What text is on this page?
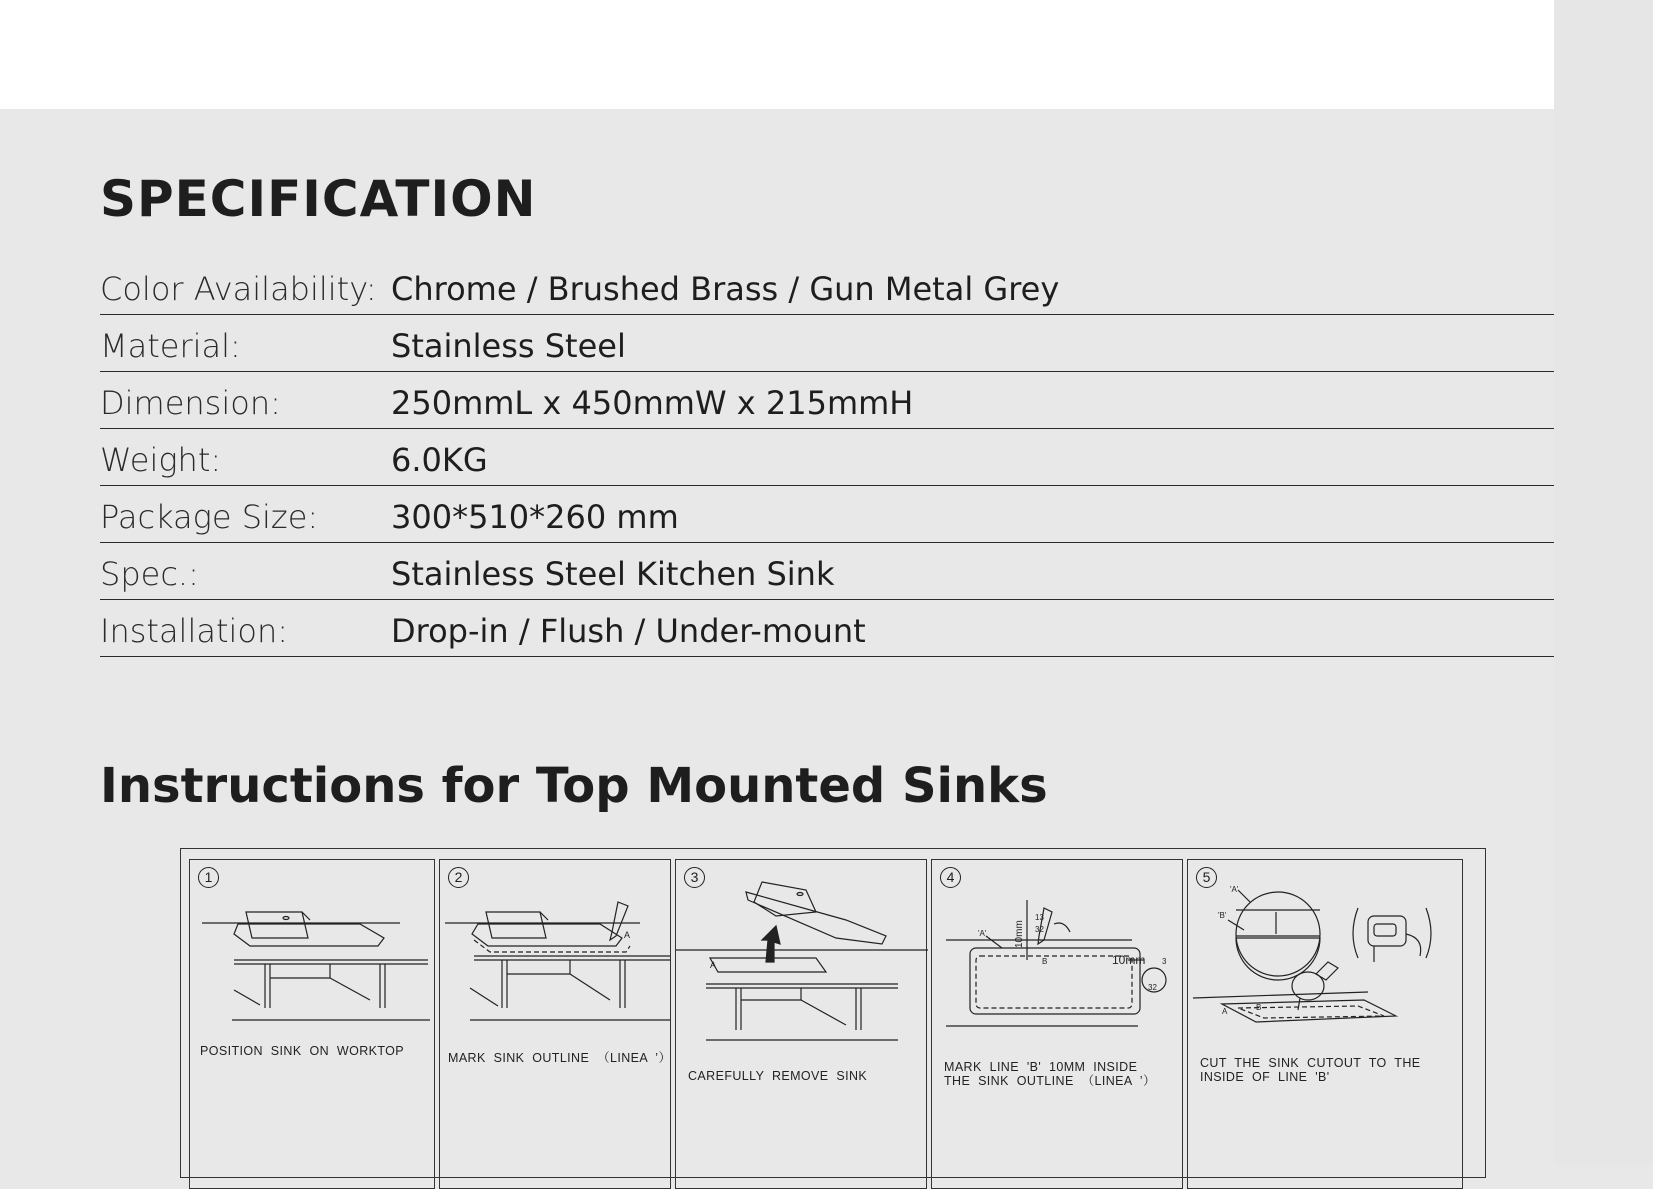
SPECIFICATION
Color Availability: Chrome / Brushed Brass / Gun Metal Grey
Material:	Stainless Steel
Dimension:	250mmL x 450mmW x 215mmH
Weight:	6.0KG
Package Size: 300*510*260 mm
Spec.:	Stainless Steel Kitchen Sink
Installation:	Drop-in / Flush / Under-mount
Instructions for Top Mounted Sinks
1
POSITION SINK ON WORKTOP
2
A
MARK SINK OUTLINE （LINEA ’）
3
A
CAREFULLY REMOVE SINK
4
'A'	10mm
13
32
B	10mm 3
32
MARK LINE 'B' 10MM INSIDE
THE SINK OUTLINE （LINEA ’）
5
'A'
'B'
A	B
CUT THE SINK CUTOUT TO THE
INSIDE OF LINE 'B'
